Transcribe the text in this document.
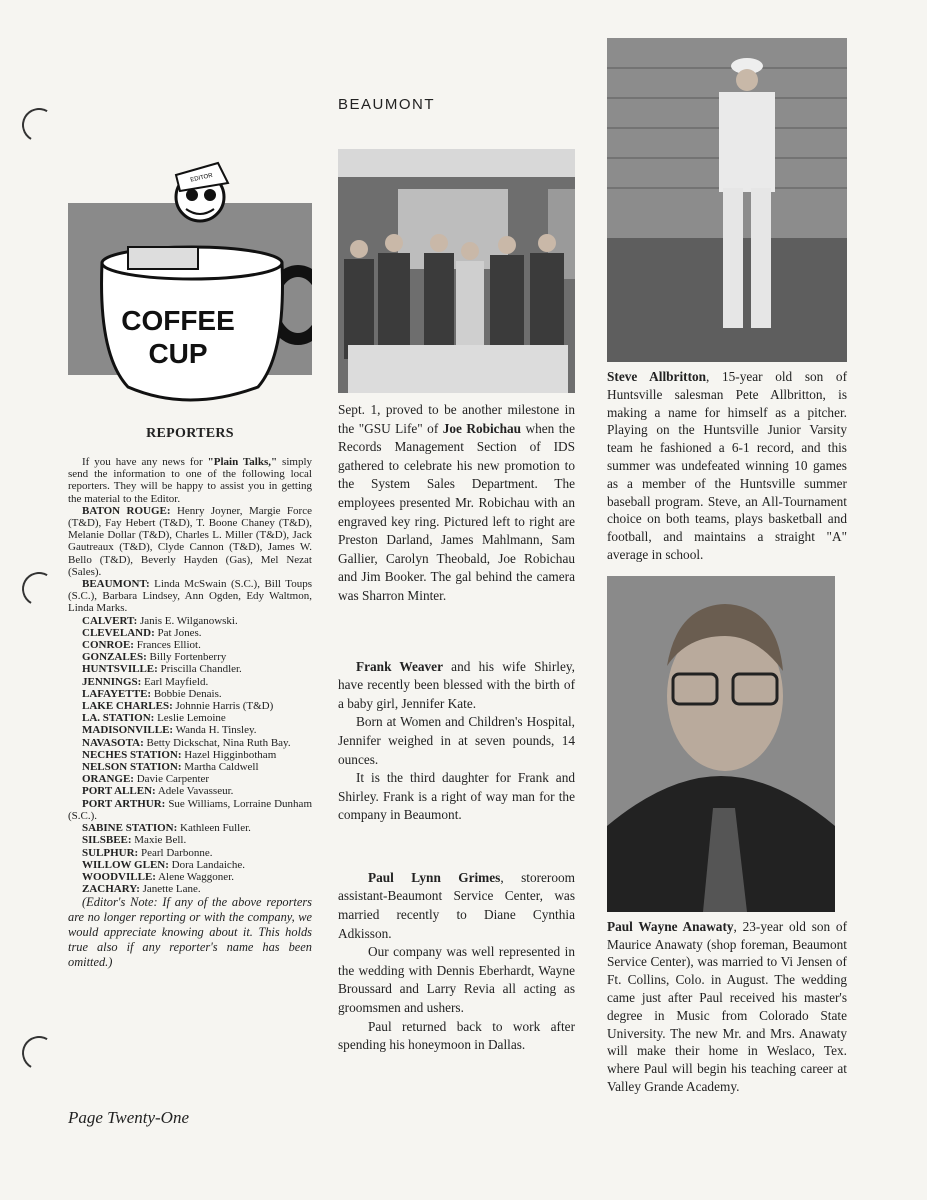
EDITOR
COFFEE
CUP
REPORTERS

If you have any news for "Plain Talks," simply send the information to one of the following local reporters. They will be happy to assist you in getting the material to the Editor.

BATON ROUGE: Henry Joyner, Margie Force (T&D), Fay Hebert (T&D), T. Boone Chaney (T&D), Melanie Dollar (T&D), Charles L. Miller (T&D), Jack Gautreaux (T&D), Clyde Cannon (T&D), James W. Bello (T&D), Beverly Hayden (Gas), Mel Nezat (Sales).

BEAUMONT: Linda McSwain (S.C.), Bill Toups (S.C.), Barbara Lindsey, Ann Ogden, Edy Waltmon, Linda Marks.

CALVERT: Janis E. Wilganowski.

CLEVELAND: Pat Jones.

CONROE: Frances Elliot.

GONZALES: Billy Fortenberry

HUNTSVILLE: Priscilla Chandler.

JENNINGS: Earl Mayfield.

LAFAYETTE: Bobbie Denais.

LAKE CHARLES: Johnnie Harris (T&D)

LA. STATION: Leslie Lemoine

MADISONVILLE: Wanda H. Tinsley.

NAVASOTA: Betty Dickschat, Nina Ruth Bay.

NECHES STATION: Hazel Higginbotham

NELSON STATION: Martha Caldwell

ORANGE: Davie Carpenter

PORT ALLEN: Adele Vavasseur.

PORT ARTHUR: Sue Williams, Lorraine Dunham (S.C.).

SABINE STATION: Kathleen Fuller.

SILSBEE: Maxie Bell.

SULPHUR: Pearl Darbonne.

WILLOW GLEN: Dora Landaiche.

WOODVILLE: Alene Waggoner.

ZACHARY: Janette Lane.

(Editor's Note: If any of the above reporters are no longer reporting or with the company, we would appreciate knowing about it. This holds true also if any reporter's name has been omitted.)

BEAUMONT

Sept. 1, proved to be another milestone in the "GSU Life" of Joe Robichau when the Records Management Section of IDS gathered to celebrate his new promotion to the System Sales Department. The employees presented Mr. Robichau with an engraved key ring. Pictured left to right are Preston Darland, James Mahlmann, Sam Gallier, Carolyn Theobald, Joe Robichau and Jim Booker. The gal behind the camera was Sharron Minter.

Frank Weaver and his wife Shirley, have recently been blessed with the birth of a baby girl, Jennifer Kate.

Born at Women and Children's Hospital, Jennifer weighed in at seven pounds, 14 ounces.

It is the third daughter for Frank and Shirley. Frank is a right of way man for the company in Beaumont.

Paul Lynn Grimes, storeroom assistant-Beaumont Service Center, was married recently to Diane Cynthia Adkisson.

Our company was well represented in the wedding with Dennis Eberhardt, Wayne Broussard and Larry Revia all acting as groomsmen and ushers.

Paul returned back to work after spending his honeymoon in Dallas.

Steve Allbritton, 15-year old son of Huntsville salesman Pete Allbritton, is making a name for himself as a pitcher. Playing on the Huntsville Junior Varsity team he fashioned a 6-1 record, and this summer was undefeated winning 10 games as a member of the Huntsville summer baseball program. Steve, an All-Tournament choice on both teams, plays basketball and football, and maintains a straight "A" average in school.
Paul Wayne Anawaty, 23-year old son of Maurice Anawaty (shop foreman, Beaumont Service Center), was married to Vi Jensen of Ft. Collins, Colo. in August. The wedding came just after Paul received his master's degree in Music from Colorado State University. The new Mr. and Mrs. Anawaty will make their home in Weslaco, Tex. where Paul will begin his teaching career at Valley Grande Academy.
Page Twenty-One
